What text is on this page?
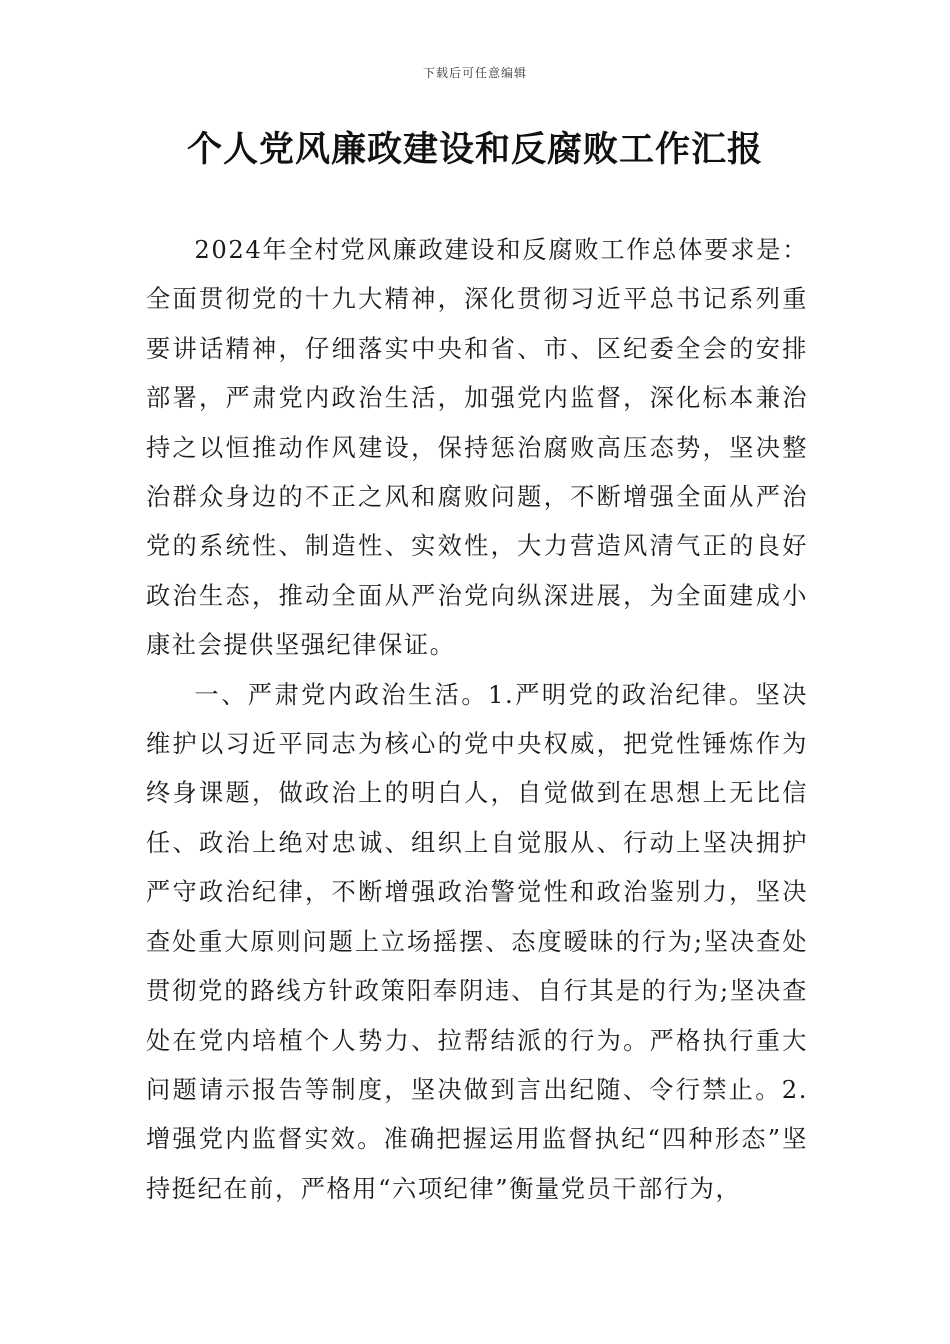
下载后可任意编辑
个人党风廉政建设和反腐败工作汇报

2024年全村党风廉政建设和反腐败工作总体要求是：全面贯彻党的十九大精神，深化贯彻习近平总书记系列重要讲话精神，仔细落实中央和省、市、区纪委全会的安排部署，严肃党内政治生活，加强党内监督，深化标本兼治持之以恒推动作风建设，保持惩治腐败高压态势，坚决整治群众身边的不正之风和腐败问题，不断增强全面从严治党的系统性、制造性、实效性，大力营造风清气正的良好政治生态，推动全面从严治党向纵深进展，为全面建成小康社会提供坚强纪律保证。

一、严肃党内政治生活。1.严明党的政治纪律。坚决维护以习近平同志为核心的党中央权威，把党性锤炼作为终身课题，做政治上的明白人，自觉做到在思想上无比信任、政治上绝对忠诚、组织上自觉服从、行动上坚决拥护严守政治纪律，不断增强政治警觉性和政治鉴别力，坚决查处重大原则问题上立场摇摆、态度暧昧的行为;坚决查处贯彻党的路线方针政策阳奉阴违、自行其是的行为;坚决查处在党内培植个人势力、拉帮结派的行为。严格执行重大问题请示报告等制度，坚决做到言出纪随、令行禁止。2.增强党内监督实效。准确把握运用监督执纪“四种形态”坚持挺纪在前，严格用“六项纪律”衡量党员干部行为，
